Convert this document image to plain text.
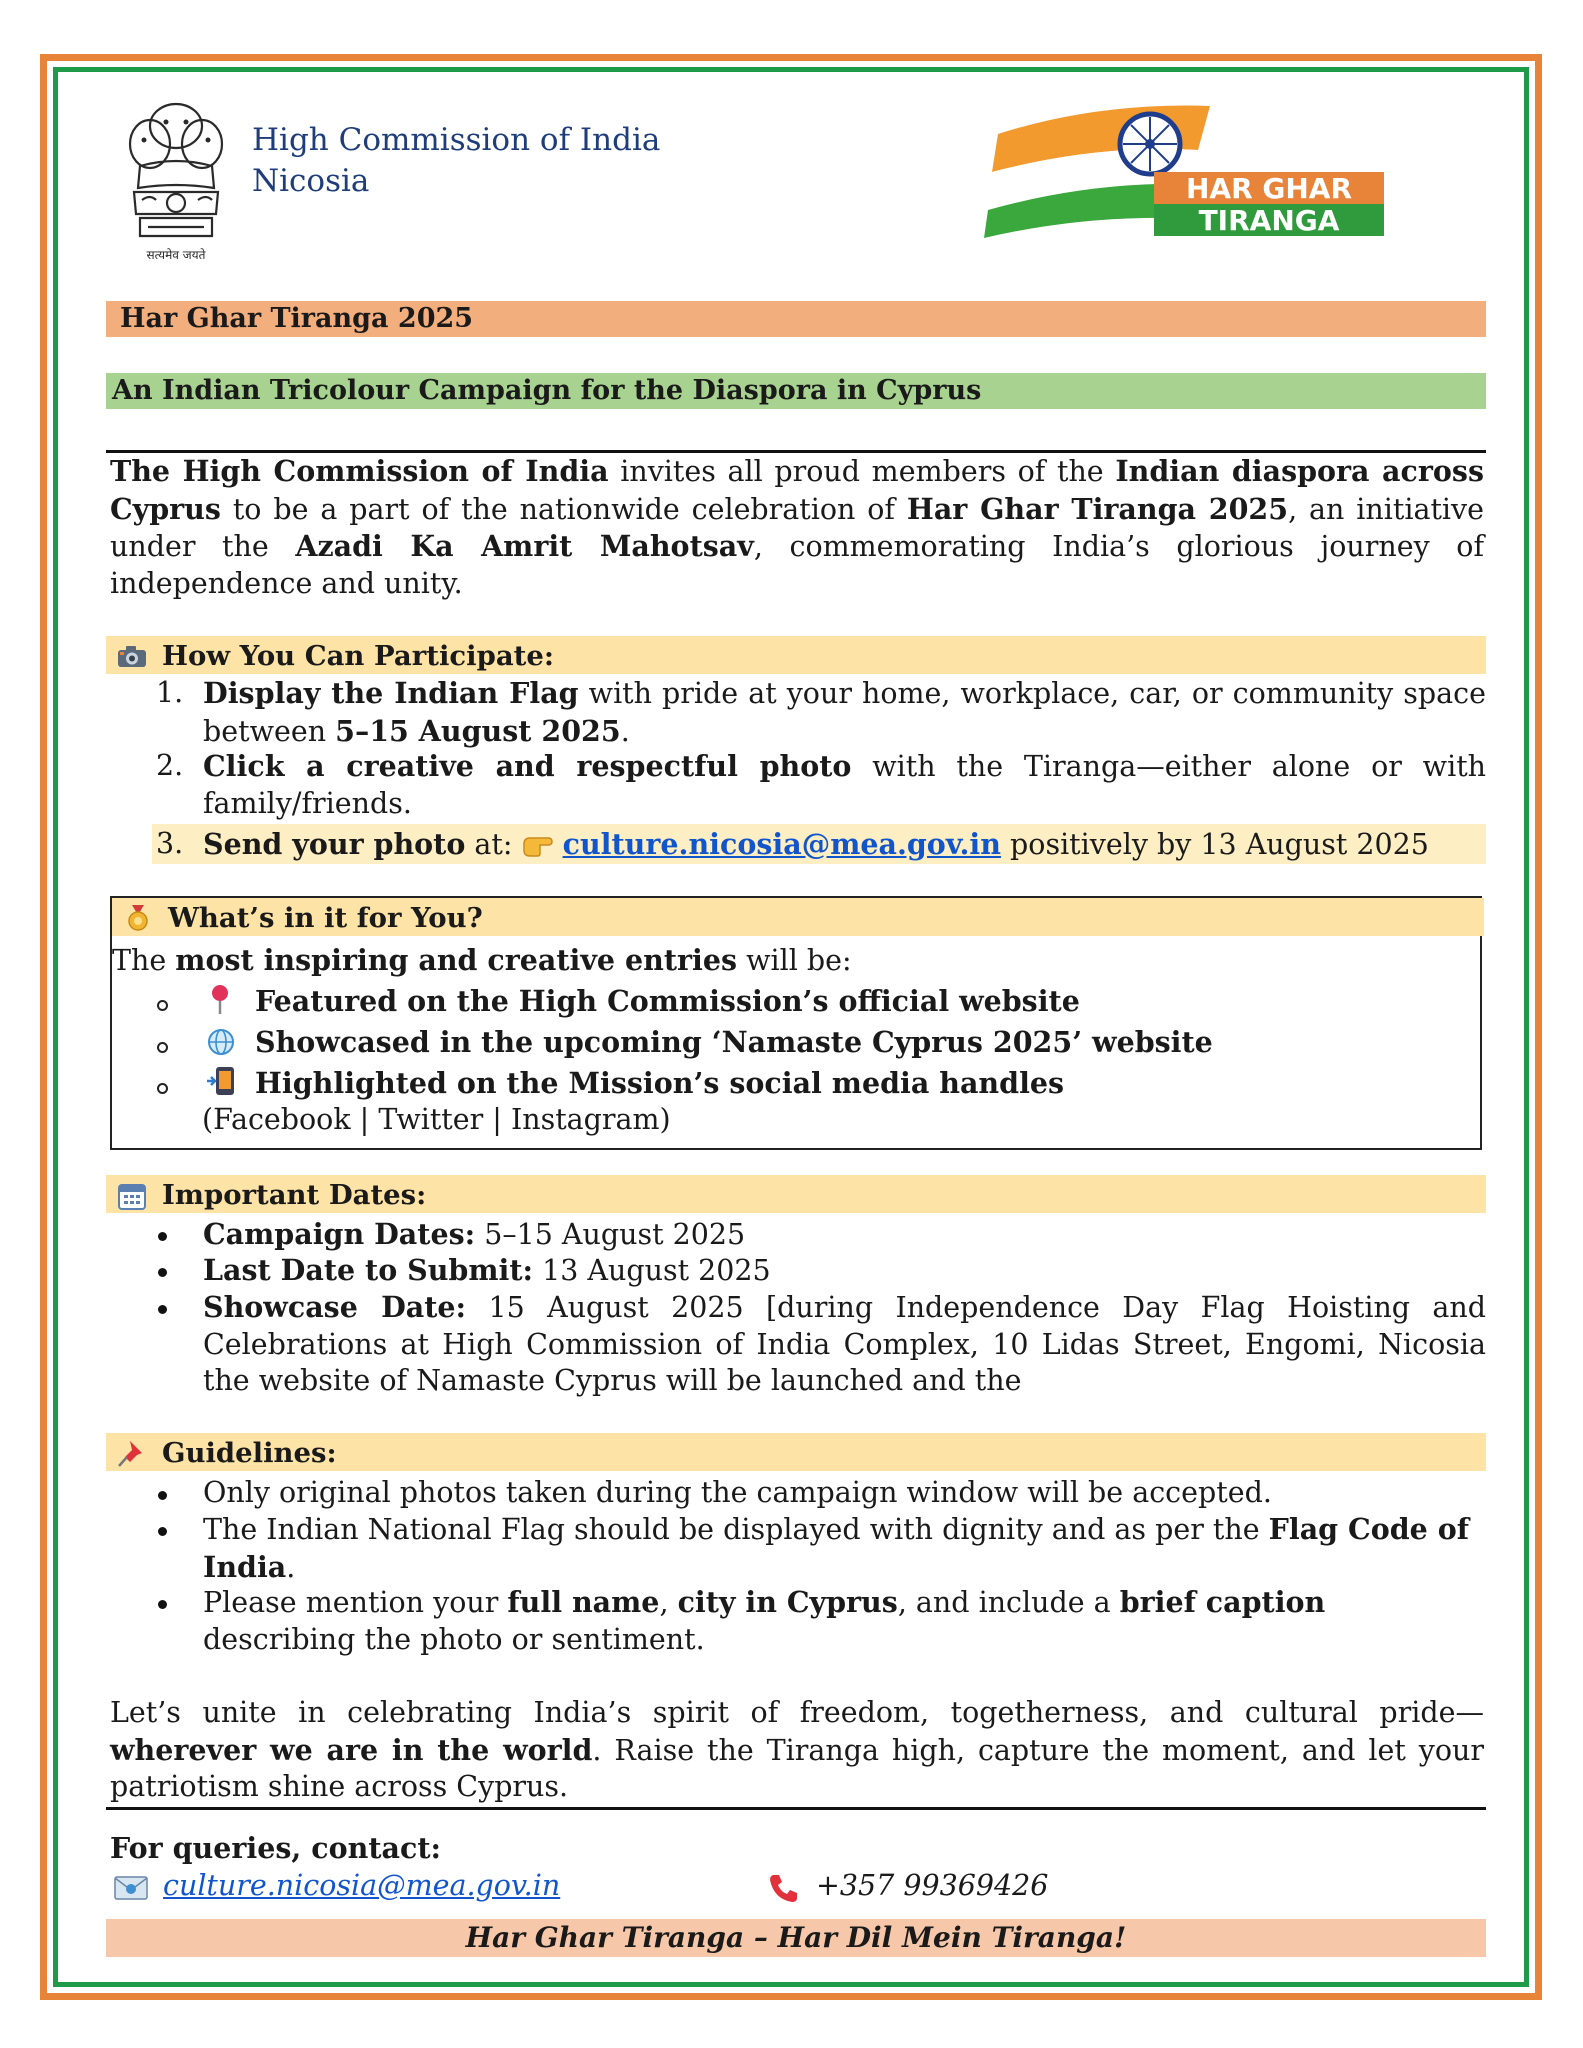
सत्यमेव जयते
High Commission of India
Nicosia	HAR GHAR
TIRANGA
Har Ghar Tiranga 2025
An Indian Tricolour Campaign for the Diaspora in Cyprus
The High Commission of India invites all proud members of the Indian diaspora across Cyprus to be a part of the nationwide celebration of Har Ghar Tiranga 2025, an initiative under the Azadi Ka Amrit Mahotsav, commemorating India’s glorious journey of independence and unity.
How You Can Participate:
1. Display the Indian Flag with pride at your home, workplace, car, or community space between 5–15 August 2025.
2. Click a creative and respectful photo with the Tiranga—either alone or with family/friends.
3. Send your photo at:  culture.nicosia@mea.gov.in positively by 13 August 2025
What’s in it for You?
The most inspiring and creative entries will be:
Featured on the High Commission’s official website
Showcased in the upcoming ‘Namaste Cyprus 2025’ website
Highlighted on the Mission’s social media handles
(Facebook | Twitter | Instagram)
Important Dates:
Campaign Dates: 5–15 August 2025
Last Date to Submit: 13 August 2025
Showcase Date: 15 August 2025 [during Independence Day Flag Hoisting and Celebrations at High Commission of India Complex, 10 Lidas Street, Engomi, Nicosia the website of Namaste Cyprus will be launched and the
Guidelines:
Only original photos taken during the campaign window will be accepted.
The Indian National Flag should be displayed with dignity and as per the Flag Code of India.
Please mention your full name, city in Cyprus, and include a brief caption describing the photo or sentiment.
Let’s unite in celebrating India’s spirit of freedom, togetherness, and cultural pride—wherever we are in the world. Raise the Tiranga high, capture the moment, and let your patriotism shine across Cyprus.
For queries, contact:
culture.nicosia@mea.gov.in	+357 99369426
Har Ghar Tiranga – Har Dil Mein Tiranga!
